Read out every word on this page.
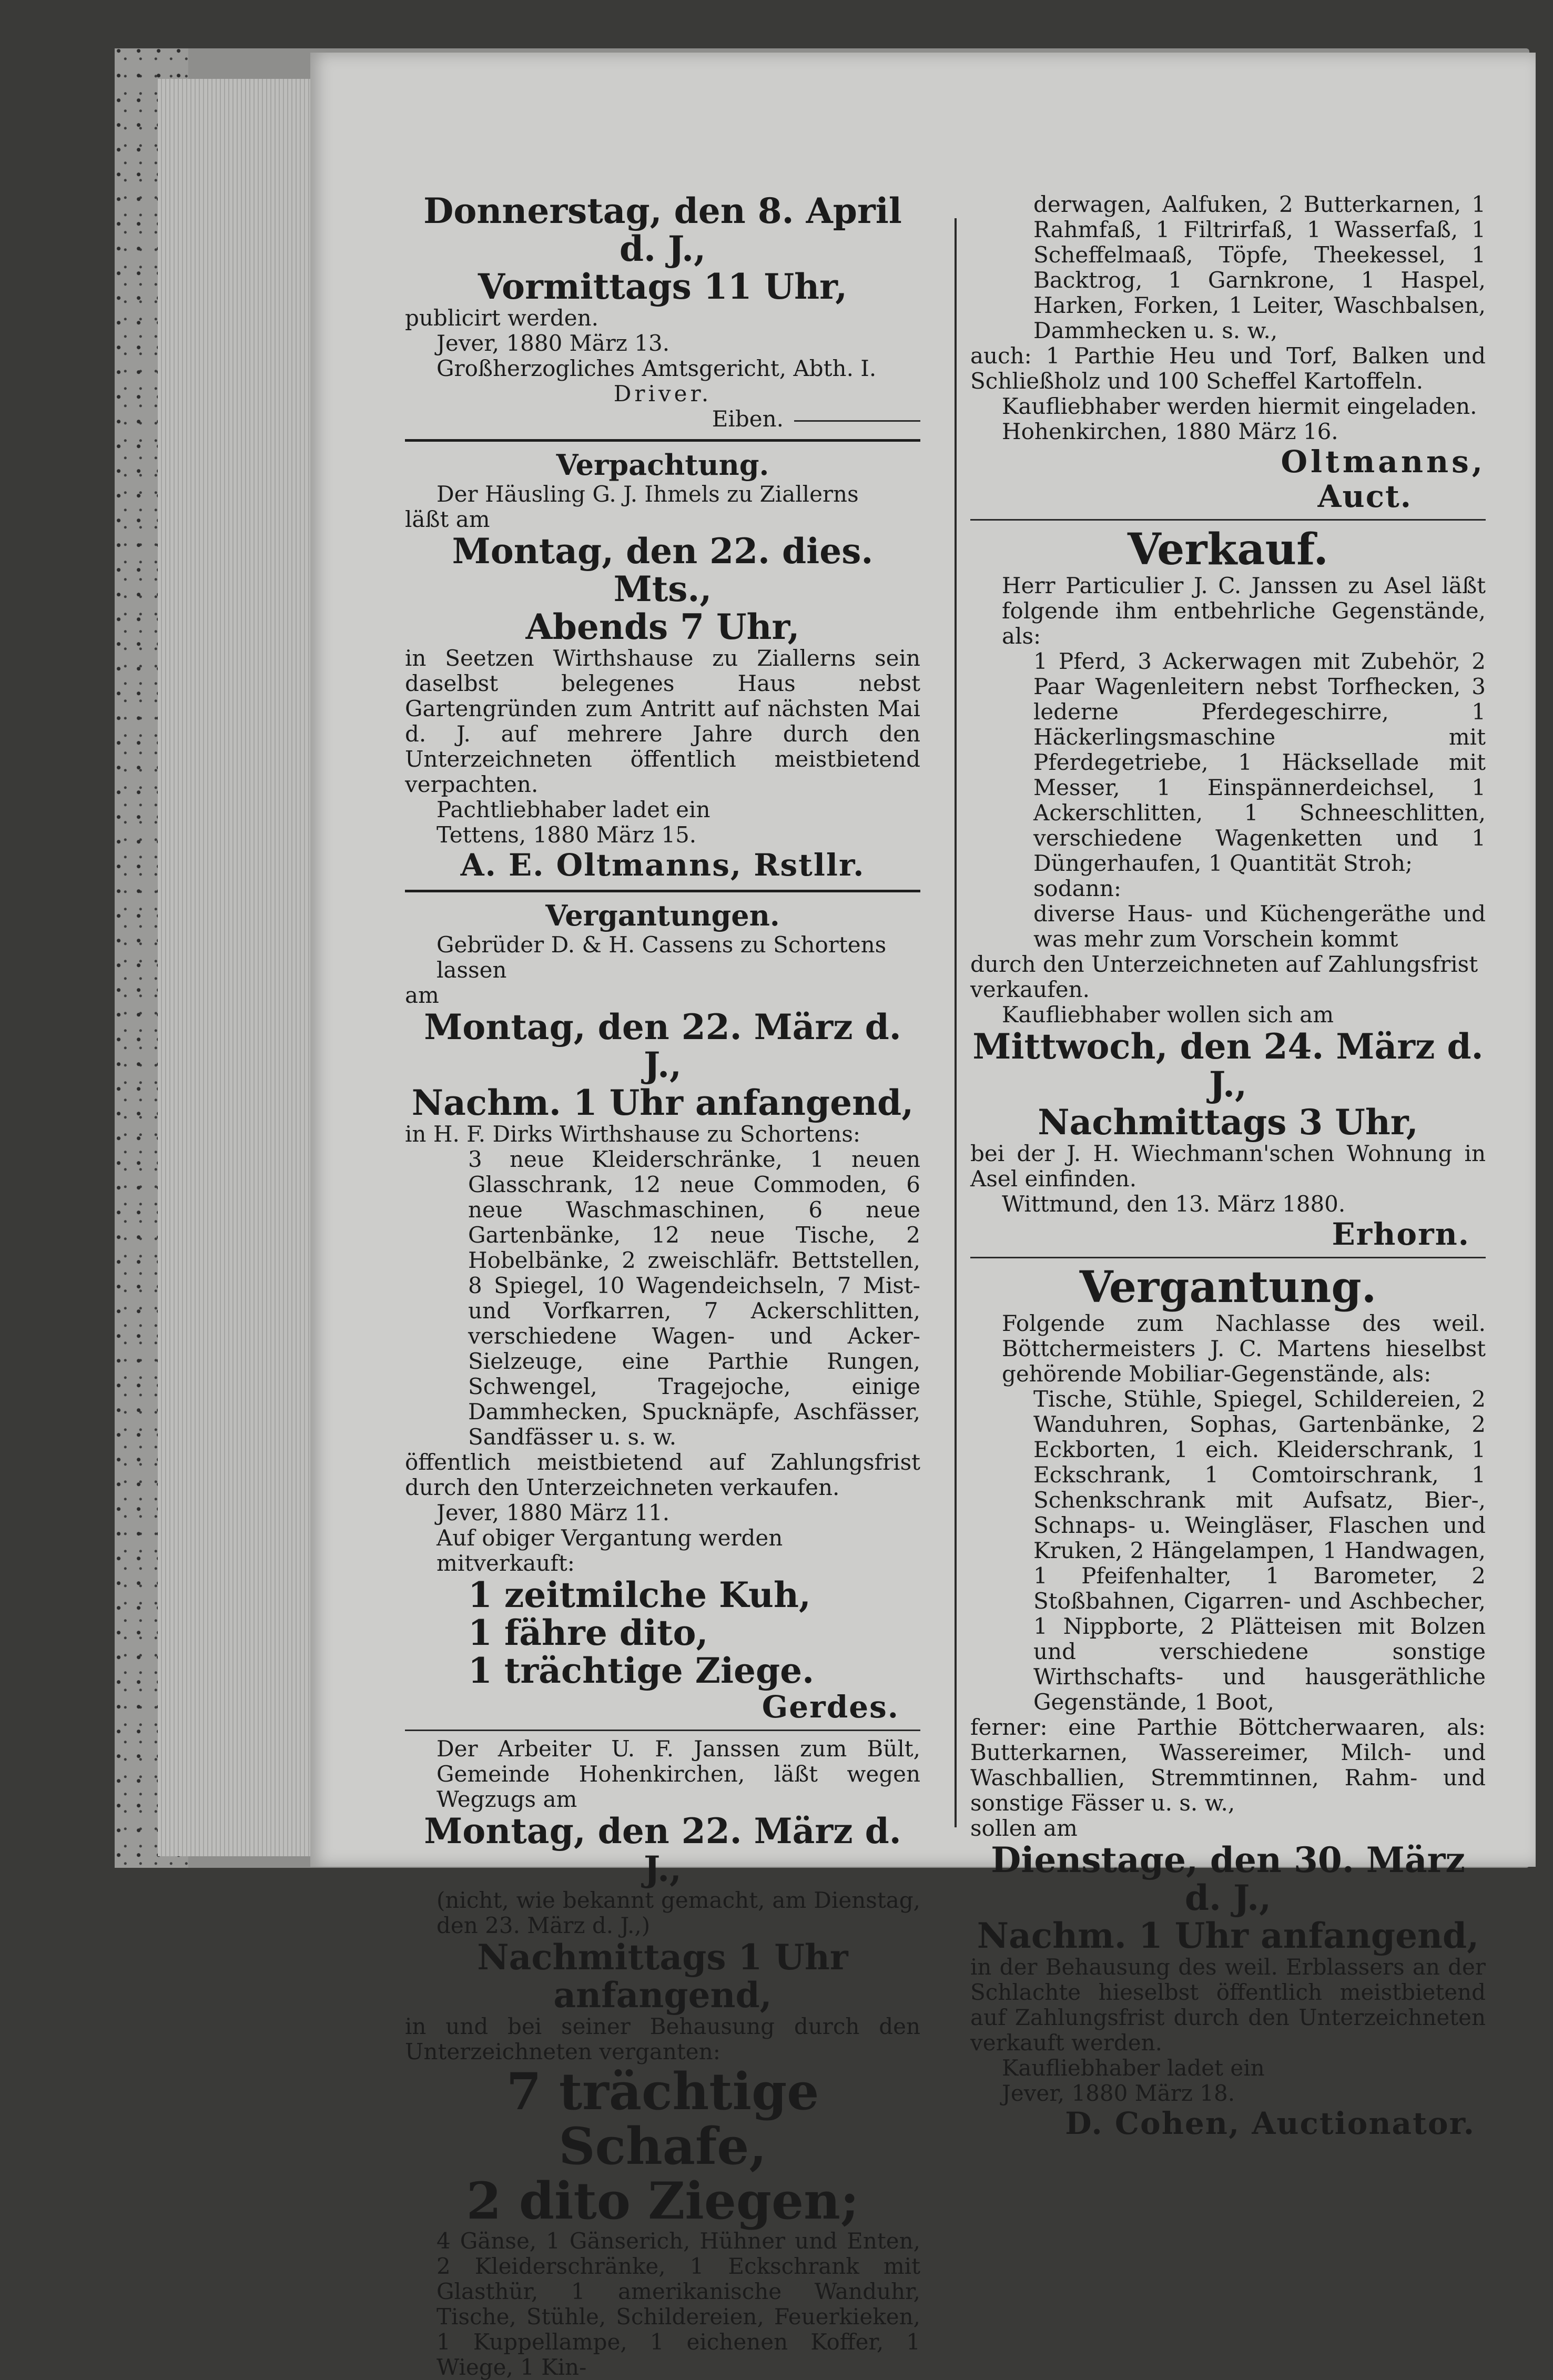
Donnerstag, den 8. April d. J.,
Vormittags 11 Uhr,
publicirt werden.
Jever, 1880 März 13.
Großherzogliches Amtsgericht, Abth. I.
Driver.
Eiben.
Verpachtung.
Der Häusling G. J. Ihmels zu Ziallerns
läßt am
Montag, den 22. dies. Mts.,
Abends 7 Uhr,
in Seetzen Wirthshause zu Ziallerns sein daselbst belegenes Haus nebst Gartengründen zum Antritt auf nächsten Mai d. J. auf mehrere Jahre durch den Unterzeichneten öffentlich meistbietend verpachten.
Pachtliebhaber ladet ein
Tettens, 1880 März 15.
A. E. Oltmanns, Rstllr.
Vergantungen.
Gebrüder D. & H. Cassens zu Schortens lassen
am
Montag, den 22. März d. J.,
Nachm. 1 Uhr anfangend,
in H. F. Dirks Wirthshause zu Schortens:
3 neue Kleiderschränke, 1 neuen Glasschrank, 12 neue Commoden, 6 neue Waschmaschinen, 6 neue Gartenbänke, 12 neue Tische, 2 Hobelbänke, 2 zweischläfr. Bettstellen, 8 Spiegel, 10 Wagendeichseln, 7 Mist- und Vorfkarren, 7 Ackerschlitten, verschiedene Wagen- und Acker-Sielzeuge, eine Parthie Rungen, Schwengel, Tragejoche, einige Dammhecken, Spucknäpfe, Aschfässer, Sandfässer u. s. w.
öffentlich meistbietend auf Zahlungsfrist durch den Unterzeichneten verkaufen.
Jever, 1880 März 11.
Auf obiger Vergantung werden mitverkauft:
1 zeitmilche Kuh,
1 fähre dito,
1 trächtige Ziege.
Gerdes.
Der Arbeiter U. F. Janssen zum Bült, Gemeinde Hohenkirchen, läßt wegen Wegzugs am
Montag, den 22. März d. J.,
(nicht, wie bekannt gemacht, am Dienstag, den 23. März d. J.,)
Nachmittags 1 Uhr anfangend,
in und bei seiner Behausung durch den Unterzeichneten verganten:
7 trächtige Schafe,
2 dito Ziegen;
4 Gänse, 1 Gänserich, Hühner und Enten, 2 Kleiderschränke, 1 Eckschrank mit Glasthür, 1 amerikanische Wanduhr, Tische, Stühle, Schildereien, Feuerkieken, 1 Kuppellampe, 1 eichenen Koffer, 1 Wiege, 1 Kin-
derwagen, Aalfuken, 2 Butterkarnen, 1 Rahmfaß, 1 Filtrirfaß, 1 Wasserfaß, 1 Scheffelmaaß, Töpfe, Theekessel, 1 Backtrog, 1 Garnkrone, 1 Haspel, Harken, Forken, 1 Leiter, Waschbalsen, Dammhecken u. s. w.,
auch: 1 Parthie Heu und Torf, Balken und Schließholz und 100 Scheffel Kartoffeln.
Kaufliebhaber werden hiermit eingeladen.
Hohenkirchen, 1880 März 16.
Oltmanns,
Auct.
Verkauf.
Herr Particulier J. C. Janssen zu Asel läßt folgende ihm entbehrliche Gegenstände, als:
1 Pferd, 3 Ackerwagen mit Zubehör, 2 Paar Wagenleitern nebst Torfhecken, 3 lederne Pferdegeschirre, 1 Häckerlingsmaschine mit Pferdegetriebe, 1 Häcksellade mit Messer, 1 Einspännerdeichsel, 1 Ackerschlitten, 1 Schneeschlitten, verschiedene Wagenketten und 1 Düngerhaufen, 1 Quantität Stroh;
sodann:
diverse Haus- und Küchengeräthe und was mehr zum Vorschein kommt
durch den Unterzeichneten auf Zahlungsfrist verkaufen.
Kaufliebhaber wollen sich am
Mittwoch, den 24. März d. J.,
Nachmittags 3 Uhr,
bei der J. H. Wiechmann'schen Wohnung in Asel einfinden.
Wittmund, den 13. März 1880.
Erhorn.
Vergantung.
Folgende zum Nachlasse des weil. Böttchermeisters J. C. Martens hieselbst gehörende Mobiliar-Gegenstände, als:
Tische, Stühle, Spiegel, Schildereien, 2 Wanduhren, Sophas, Gartenbänke, 2 Eckborten, 1 eich. Kleiderschrank, 1 Eckschrank, 1 Comtoirschrank, 1 Schenkschrank mit Aufsatz, Bier-, Schnaps- u. Weingläser, Flaschen und Kruken, 2 Hängelampen, 1 Handwagen, 1 Pfeifenhalter, 1 Barometer, 2 Stoßbahnen, Cigarren- und Aschbecher, 1 Nippborte, 2 Plätteisen mit Bolzen und verschiedene sonstige Wirthschafts- und hausgeräthliche Gegenstände, 1 Boot,
ferner: eine Parthie Böttcherwaaren, als: Butterkarnen, Wassereimer, Milch- und Waschballien, Stremmtinnen, Rahm- und sonstige Fässer u. s. w.,
sollen am
Dienstage, den 30. März d. J.,
Nachm. 1 Uhr anfangend,
in der Behausung des weil. Erblassers an der Schlachte hieselbst öffentlich meistbietend auf Zahlungsfrist durch den Unterzeichneten verkauft werden.
Kaufliebhaber ladet ein
Jever, 1880 März 18.
D. Cohen, Auctionator.
